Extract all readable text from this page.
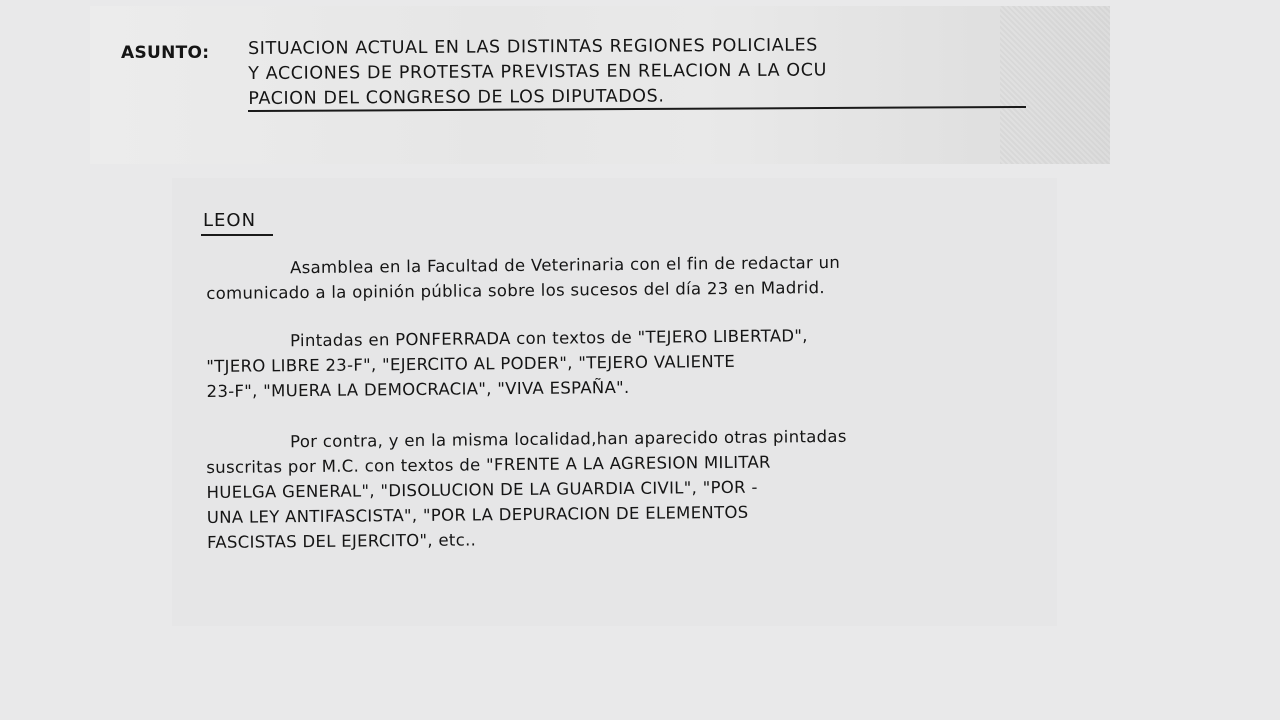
ASUNTO: SITUACION ACTUAL EN LAS DISTINTAS REGIONES POLICIALES
Y ACCIONES DE PROTESTA PREVISTAS EN RELACION A LA OCU
PACION DEL CONGRESO DE LOS DIPUTADOS.
LEON
Asamblea en la Facultad de Veterinaria con el fin de redactar un
comunicado a la opinión pública sobre los sucesos del día 23 en Madrid.
Pintadas en PONFERRADA con textos de "TEJERO LIBERTAD",
"TJERO LIBRE 23-F", "EJERCITO AL PODER", "TEJERO VALIENTE
23-F", "MUERA LA DEMOCRACIA", "VIVA ESPAÑA".
Por contra, y en la misma localidad,han aparecido otras pintadas
suscritas por M.C. con textos de "FRENTE A LA AGRESION MILITAR
HUELGA GENERAL", "DISOLUCION DE LA GUARDIA CIVIL", "POR -
UNA LEY ANTIFASCISTA", "POR LA DEPURACION DE ELEMENTOS
FASCISTAS DEL EJERCITO", etc..
